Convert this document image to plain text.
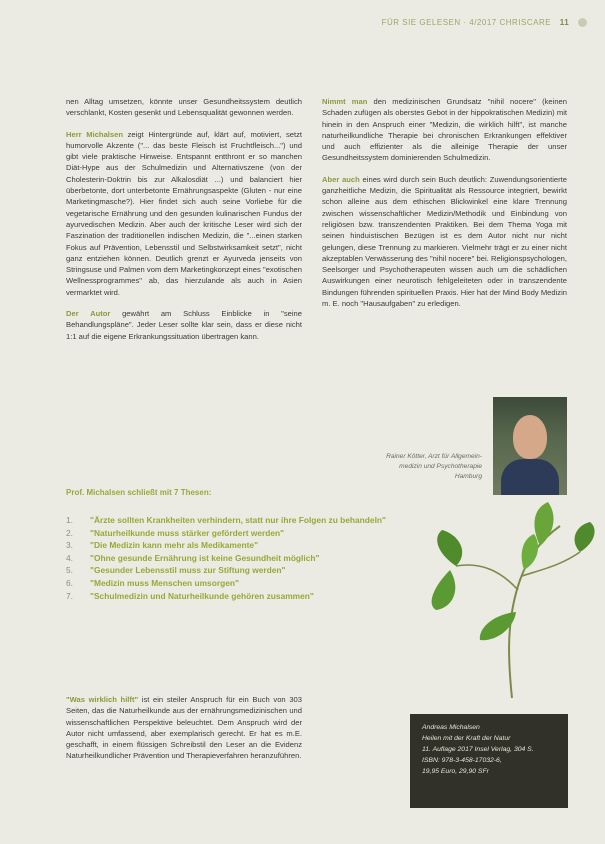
FÜR SIE GELESEN · 4/2017 CHRISCARE 11

nen Alltag umsetzen, könnte unser Gesundheitssystem deutlich verschlankt, Kosten gesenkt und Lebensqualität gewonnen werden.

Herr Michalsen zeigt Hintergründe auf, klärt auf, motiviert, setzt humorvolle Akzente ("... das beste Fleisch ist Fruchtfleisch...") und gibt viele praktische Hinweise. Entspannt entthront er so manchen Diät-Hype aus der Schulmedizin und Alternativszene (von der Cholesterin-Doktrin bis zur Alkalosdiät ...) und balanciert hier überbetonte, dort unterbetonte Ernährungsaspekte (Gluten - nur eine Marketingmasche?). Hier findet sich auch seine Vorliebe für die vegetarische Ernährung und den gesunden kulinarischen Fundus der ayurvedischen Medizin. Aber auch der kritische Leser wird sich der Faszination der traditionellen indischen Medizin, die "...einen starken Fokus auf Prävention, Lebensstil und Selbstwirksamkeit setzt", nicht ganz entziehen können. Deutlich grenzt er Ayurveda jenseits von Stringsuse und Palmen vom dem Marketingkonzept eines "exotischen Wellnessprogrammes" ab, das hierzulande als auch in Asien vermarktet wird.

Der Autor gewährt am Schluss Einblicke in "seine Behandlungspläne". Jeder Leser sollte klar sein, dass er diese nicht 1:1 auf die eigene Erkrankungssituation übertragen kann.

Nimmt man den medizinischen Grundsatz "nihil nocere" (keinen Schaden zufügen als oberstes Gebot in der hippokratischen Medizin) mit hinein in den Anspruch einer "Medizin, die wirklich hilft", ist manche naturheilkundliche Therapie bei chronischen Erkrankungen effektiver und auch effizienter als die alleinige Therapie der unser Gesundheitssystem dominierenden Schulmedizin.

Aber auch eines wird durch sein Buch deutlich: Zuwendungsorientierte ganzheitliche Medizin, die Spiritualität als Ressource integriert, bewirkt schon alleine aus dem ethischen Blickwinkel eine klare Trennung zwischen wissenschaftlicher Medizin/Methodik und Einbindung von religiösen bzw. transzendenten Praktiken. Bei dem Thema Yoga mit seinen hinduistischen Bezügen ist es dem Autor nicht nur nicht gelungen, diese Trennung zu markieren. Vielmehr trägt er zu einer nicht akzeptablen Verwässerung des "nihil nocere" bei. Religionspsychologen, Seelsorger und Psychotherapeuten wissen auch um die schädlichen Auswirkungen einer neurotisch fehlgeleiteten oder in transzendente Bindungen führenden spirituellen Praxis. Hier hat der Mind Body Medizin m. E. noch "Hausaufgaben" zu erledigen.

Rainer Kötter, Arzt für Allgemein-
medizin und Psychotherapie
Hamburg
Prof. Michalsen schließt mit 7 Thesen:
1.	"Ärzte sollten Krankheiten verhindern, statt nur ihre Folgen zu behandeln"
2.	"Naturheilkunde muss stärker gefördert werden"
3.	"Die Medizin kann mehr als Medikamente"
4.	"Ohne gesunde Ernährung ist keine Gesundheit möglich"
5.	"Gesunder Lebensstil muss zur Stiftung werden"
6.	"Medizin muss Menschen umsorgen"
7.	"Schulmedizin und Naturheilkunde gehören zusammen"

"Was wirklich hilft" ist ein steiler Anspruch für ein Buch von 303 Seiten, das die Naturheilkunde aus der ernährungsmedizinischen und wissenschaftlichen Perspektive beleuchtet. Dem Anspruch wird der Autor nicht umfassend, aber exemplarisch gerecht. Er hat es m.E. geschafft, in einem flüssigen Schreibstil den Leser an die Evidenz Naturheilkundlicher Prävention und Therapieverfahren heranzuführen.

Andreas Michalsen
Heilen mit der Kraft der Natur
11. Auflage 2017 Insel Verlag, 304 S.
ISBN: 978-3-458-17032-6,
19,95 Euro, 29,90 SFr
